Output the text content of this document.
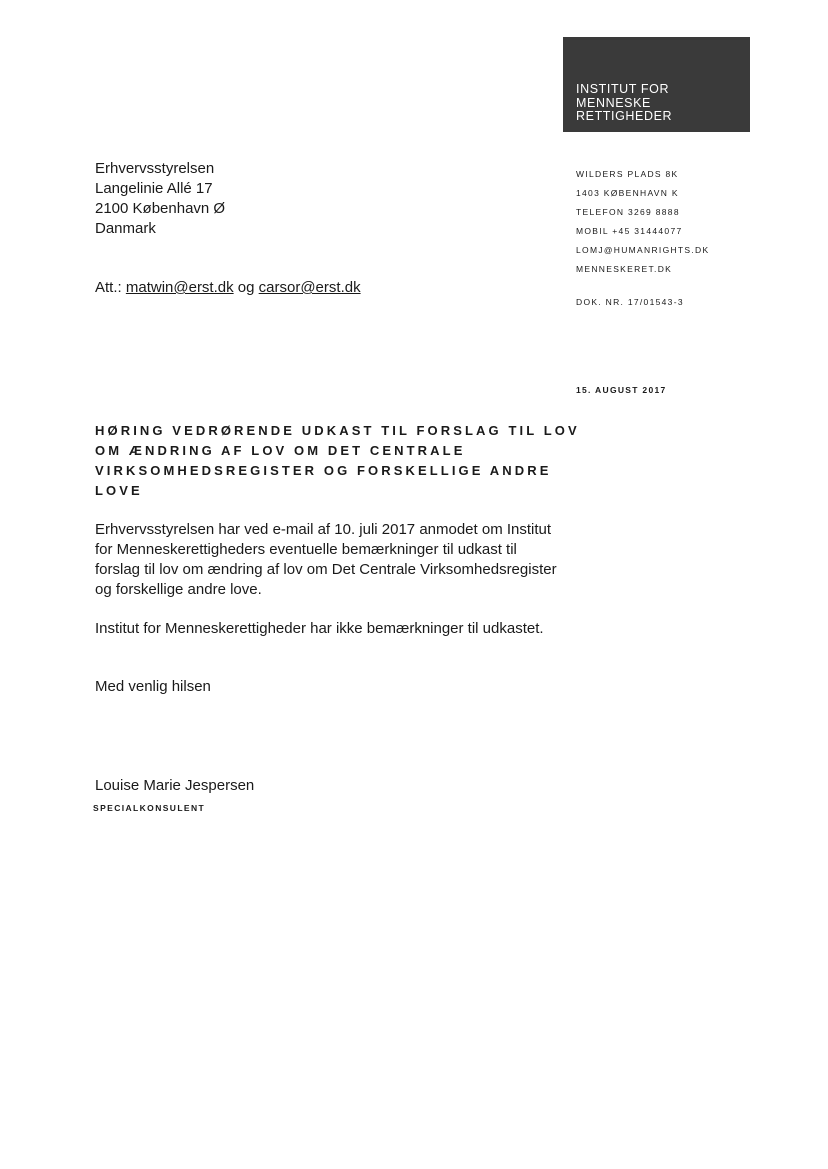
INSTITUT FOR
MENNESKE
RETTIGHEDER
Erhvervsstyrelsen
Langelinie Allé 17
2100 København Ø
Danmark
Att.: matwin@erst.dk og carsor@erst.dk
WILDERS PLADS 8K
1403 KØBENHAVN K
TELEFON 3269 8888
MOBIL +45 31444077
LOMJ@HUMANRIGHTS.DK
MENNESKERET.DK
DOK. NR. 17/01543-3
15. AUGUST 2017
HØRING VEDRØRENDE UDKAST TIL FORSLAG TIL LOV
OM ÆNDRING AF LOV OM DET CENTRALE
VIRKSOMHEDSREGISTER OG FORSKELLIGE ANDRE
LOVE
Erhvervsstyrelsen har ved e-mail af 10. juli 2017 anmodet om Institut
for Menneskerettigheders eventuelle bemærkninger til udkast til
forslag til lov om ændring af lov om Det Centrale Virksomhedsregister
og forskellige andre love.
Institut for Menneskerettigheder har ikke bemærkninger til udkastet.
Med venlig hilsen
Louise Marie Jespersen
SPECIALKONSULENT
